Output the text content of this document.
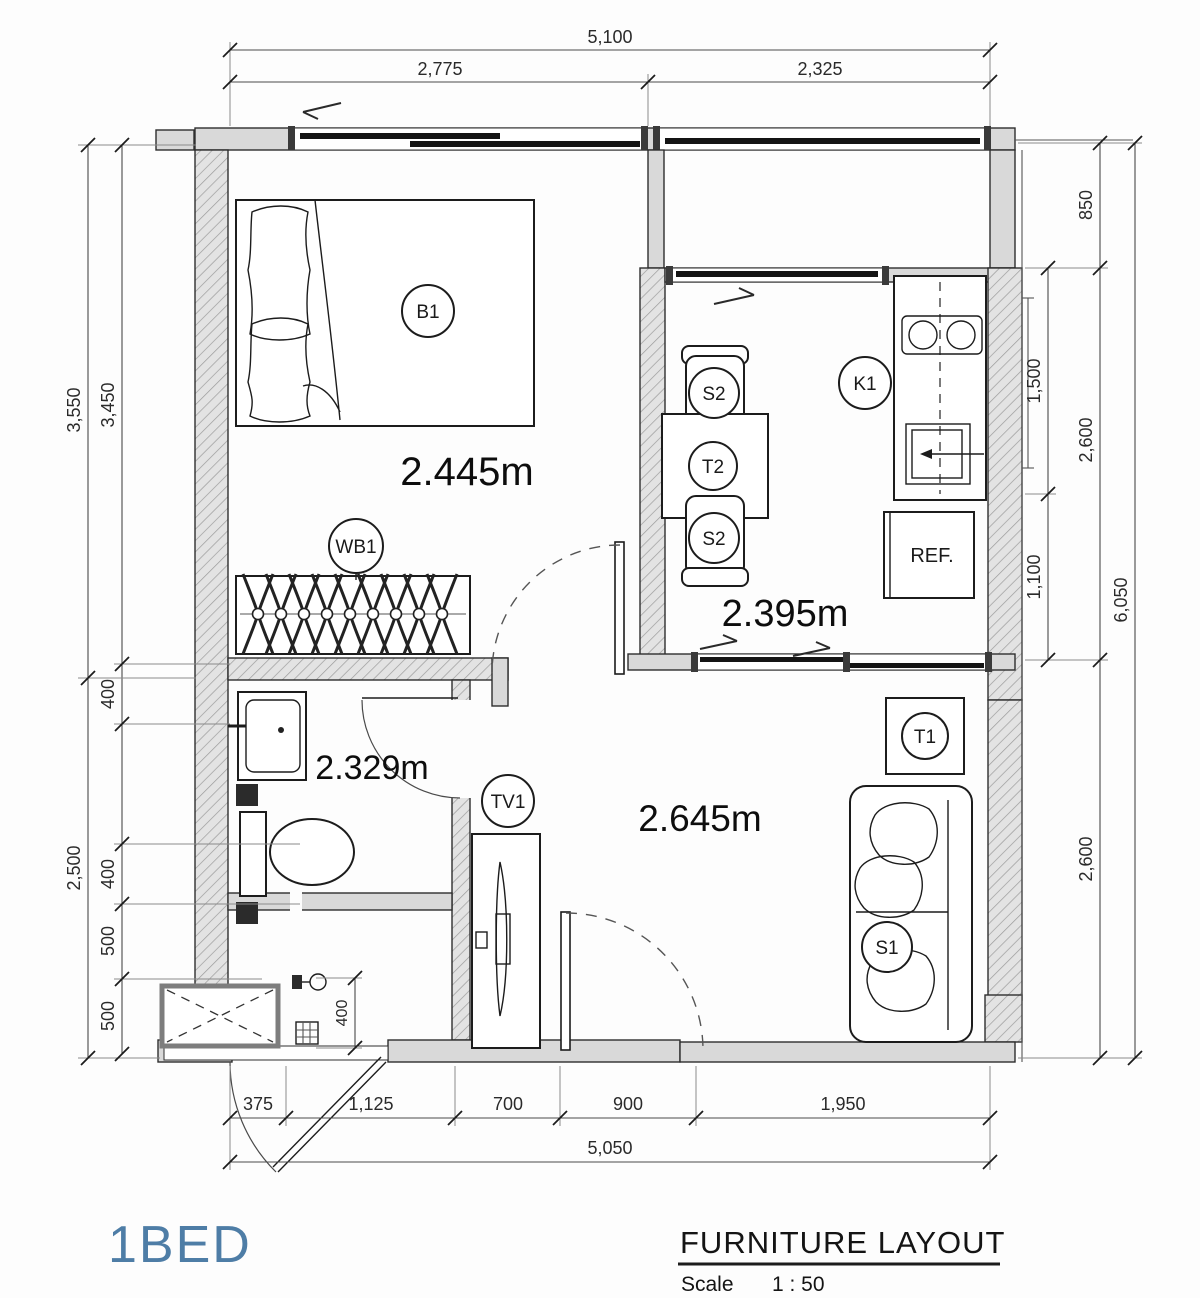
B1
WB1
S2
T2
S2
K1
REF.
TV1
T1
S1
2.445m
2.395m
2.329m
2.645m
5,100
2,775	2,325
375	1,125	700	900	1,950
5,050
3,550
2,500
3,450
400
400
500
500
850
1,500
1,100
2,600
2,600
6,050
400
1BED	FURNITURE LAYOUT
Scale 1 : 50
